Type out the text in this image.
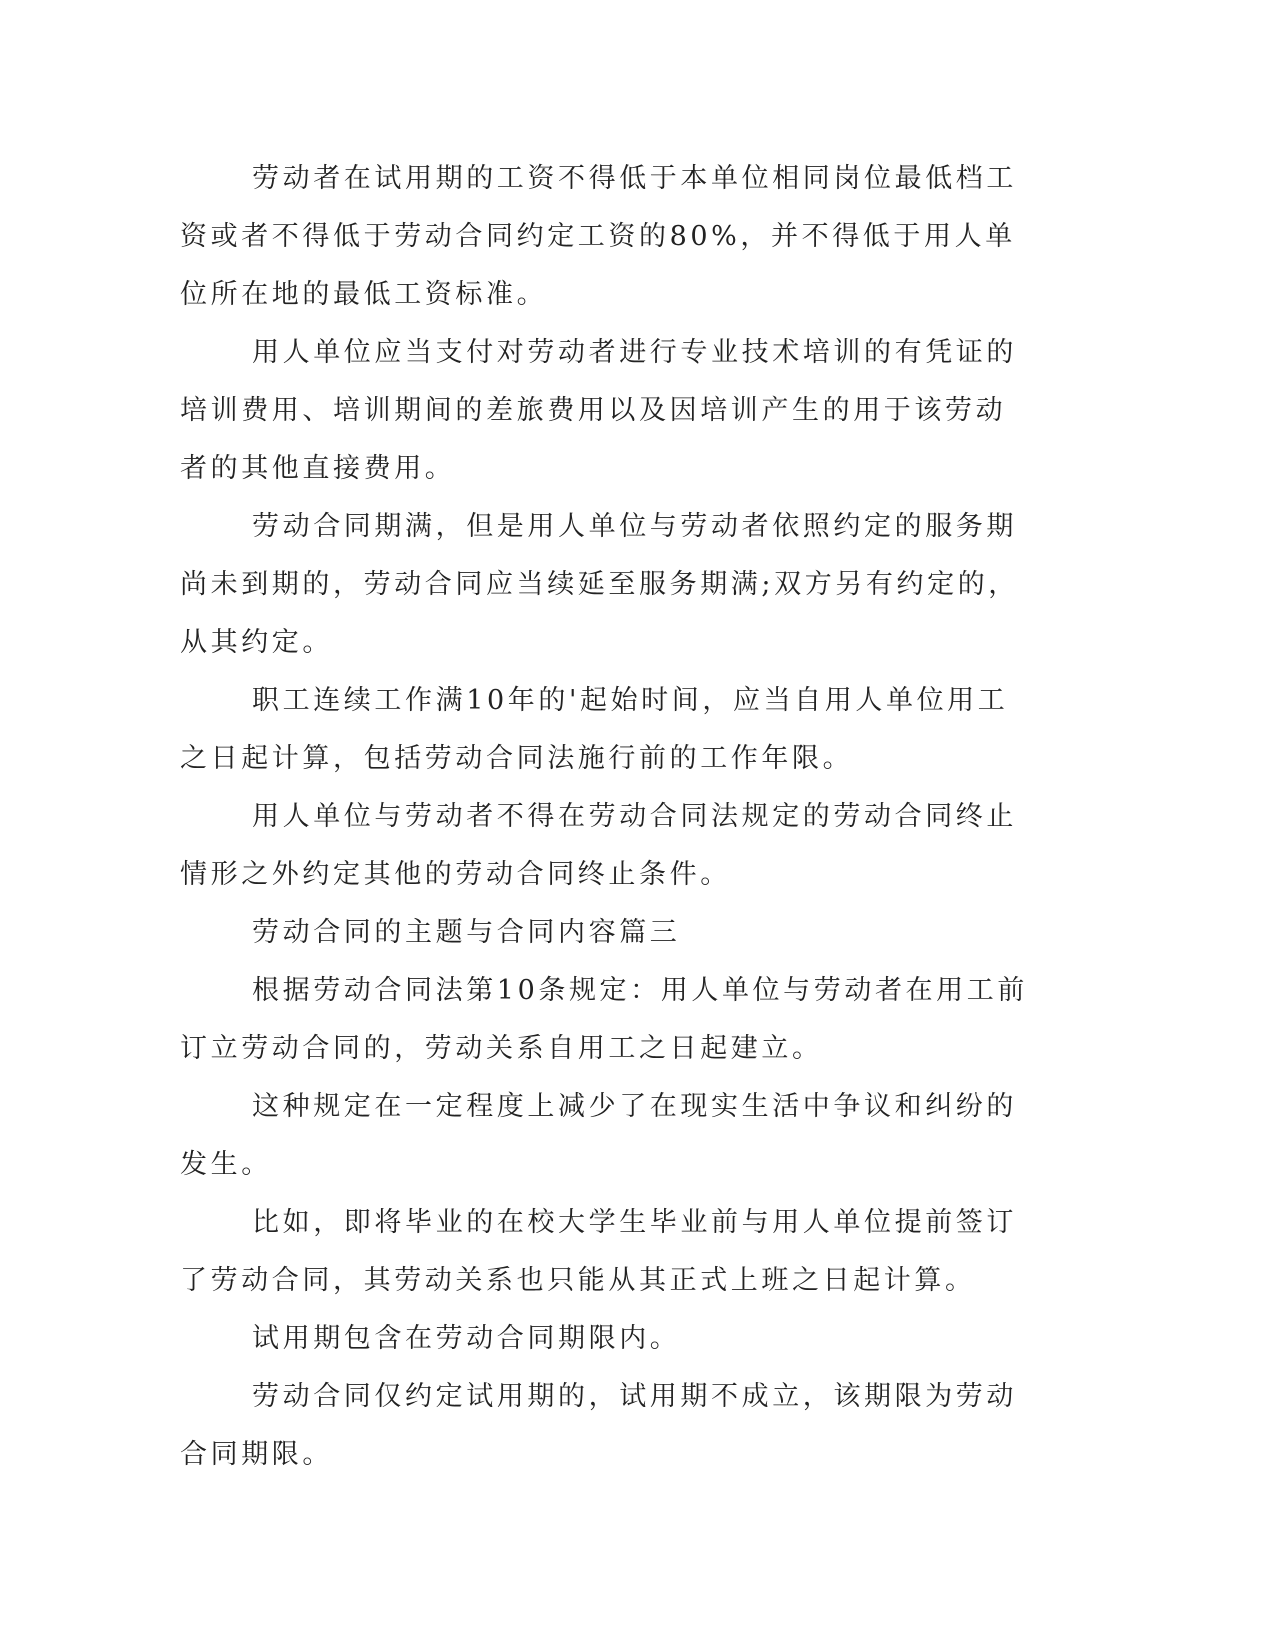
劳动者在试用期的工资不得低于本单位相同岗位最低档工资或者不得低于劳动合同约定工资的80%，并不得低于用人单位所在地的最低工资标准。

用人单位应当支付对劳动者进行专业技术培训的有凭证的培训费用、培训期间的差旅费用以及因培训产生的用于该劳动者的其他直接费用。

劳动合同期满，但是用人单位与劳动者依照约定的服务期尚未到期的，劳动合同应当续延至服务期满;双方另有约定的，从其约定。

职工连续工作满10年的'起始时间，应当自用人单位用工之日起计算，包括劳动合同法施行前的工作年限。

用人单位与劳动者不得在劳动合同法规定的劳动合同终止情形之外约定其他的劳动合同终止条件。

劳动合同的主题与合同内容篇三

根据劳动合同法第10条规定：用人单位与劳动者在用工前订立劳动合同的，劳动关系自用工之日起建立。

这种规定在一定程度上减少了在现实生活中争议和纠纷的发生。

比如，即将毕业的在校大学生毕业前与用人单位提前签订了劳动合同，其劳动关系也只能从其正式上班之日起计算。

试用期包含在劳动合同期限内。

劳动合同仅约定试用期的，试用期不成立，该期限为劳动合同期限。
